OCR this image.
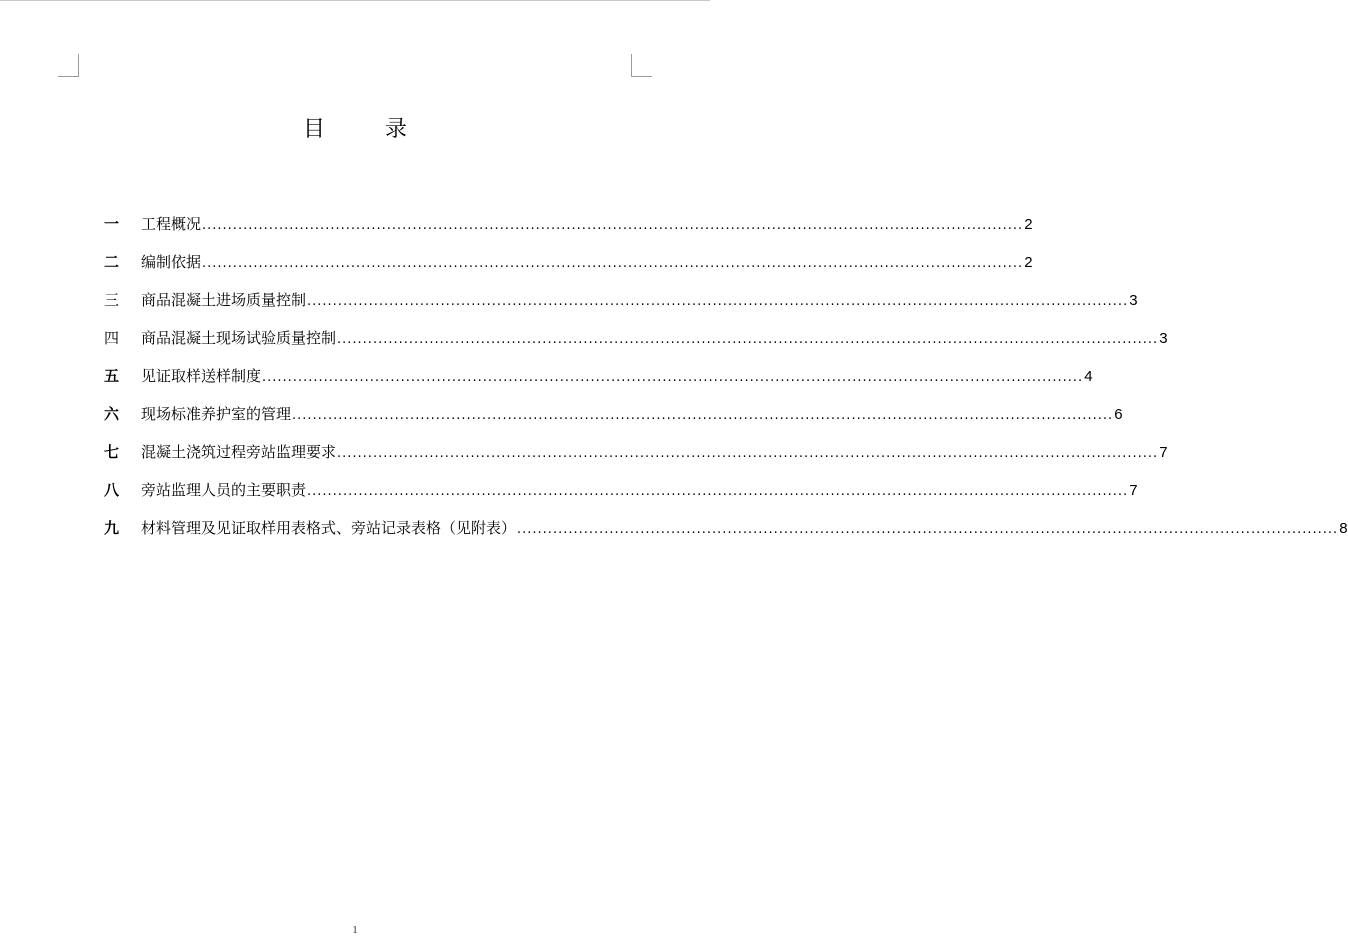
目	录
一	工程概况 ................................................................................................................................................................ 2
二	编制依据 ................................................................................................................................................................ 2
三	商品混凝土进场质量控制 ................................................................................................................................................................ 3
四	商品混凝土现场试验质量控制 ................................................................................................................................................................ 3
五	见证取样送样制度 ................................................................................................................................................................ 4
六	现场标准养护室的管理 ................................................................................................................................................................ 6
七	混凝土浇筑过程旁站监理要求 ................................................................................................................................................................ 7
八	旁站监理人员的主要职责 ................................................................................................................................................................ 7
九	材料管理及见证取样用表格式、旁站记录表格（见附表） ................................................................................................................................................................ 8
1
